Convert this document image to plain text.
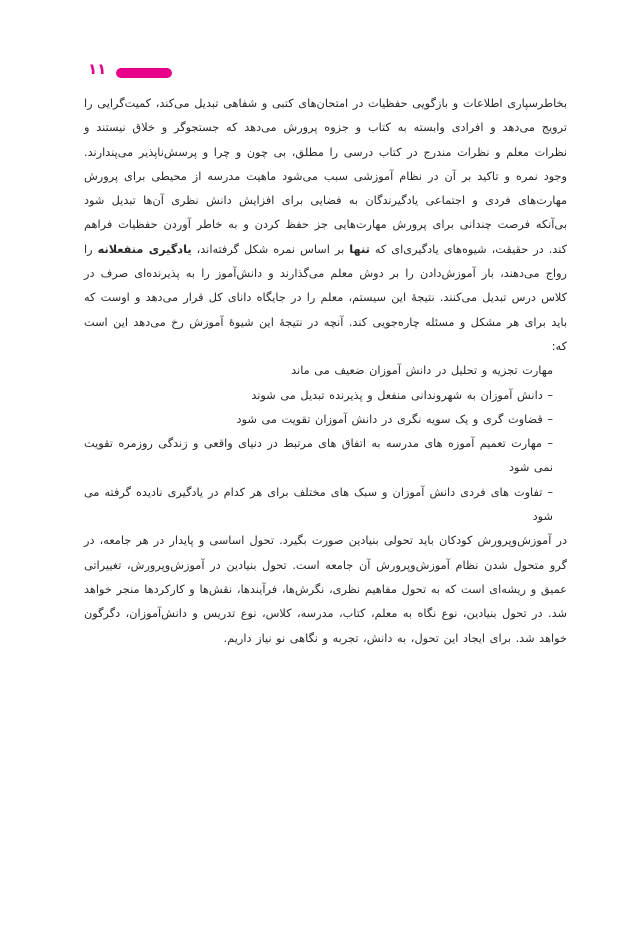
۱۱

بخاطرسپاری اطلاعات و بازگویی حفظیات در امتحان‌های کتبی و شفاهی تبدیل می‌کند، کمیت‌گرایی را ترویج می‌دهد و افرادی وابسته به کتاب و جزوه پرورش می‌دهد که جستجوگر و خلاق نیستند و نظرات معلم و نظرات مندرج در کتاب درسی را مطلق، بی چون و چرا و پرسش‌ناپذیر می‌پندارند. وجود نمره و تاکید بر آن در نظام آموزشی سبب می‌شود ماهیت مدرسه از محیطی برای پرورش مهارت‌های فردی و اجتماعی یادگیرندگان به فضایی برای افزایش دانش نظری آن‌ها تبدیل شود بی‌آنکه فرصت چندانی برای پرورش مهارت‌هایی جز حفظ کردن و به خاطر آوردن حفظیات فراهم کند. در حقیقت، شیوه‌های یادگیری‌ای که تنها بر اساس نمره شکل گرفته‌اند، یادگیری منفعلانه را رواج می‌دهند، بار آموزش‌دادن را بر دوش معلم می‌گذارند و دانش‌آموز را به پذیرنده‌ای صرف در کلاس درس تبدیل می‌کنند. نتیجهٔ این سیستم، معلم را در جایگاه دانای کل قرار می‌دهد و اوست که باید برای هر مشکل و مسئله چاره‌جویی کند. آنچه در نتیجهٔ این شیوهٔ آموزش رخ می‌دهد این است که:

مهارت تجزیه و تحلیل در دانش آموزان ضعیف می ماند

– دانش آموزان به شهروندانی منفعل و پذیرنده تبدیل می شوند

– قضاوت گری و یک سویه نگری در دانش آموزان تقویت می شود

– مهارت تعمیم آموزه های مدرسه به اتفاق های مرتبط در دنیای واقعی و زندگی روزمره تقویت نمی شود

– تفاوت های فردی دانش آموزان و سبک های مختلف برای هر کدام در یادگیری نادیده گرفته می شود

در آموزش‌وپرورش کودکان باید تحولی بنیادین صورت بگیرد. تحول اساسی و پایدار در هر جامعه، در گرو متحول شدن نظام آموزش‌وپرورش آن جامعه است. تحول بنیادین در آموزش‌وپرورش، تغییراتی عمیق و ریشه‌ای است که به تحول مفاهیم نظری، نگرش‌ها، فرآیندها، نقش‌ها و کارکردها منجر خواهد شد. در تحول بنیادین، نوع نگاه به معلم، کتاب، مدرسه، کلاس، نوع تدریس و دانش‌آموزان، دگرگون خواهد شد. برای ایجاد این تحول، به دانش، تجربه و نگاهی نو نیاز داریم.
